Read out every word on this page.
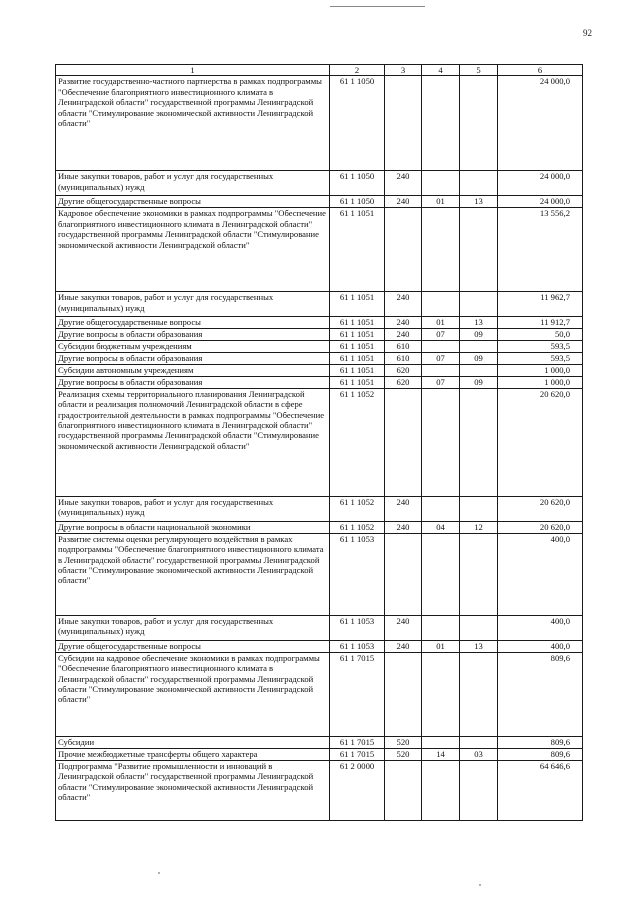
92
1	2	3	4	5	6
Развитие государственно-частного партнерства в рамках подпрограммы "Обеспечение благоприятного инвестиционного климата в Ленинградской области" государственной программы Ленинградской области "Стимулирование экономической активности Ленинградской области"	61 1 1050				24 000,0
Иные закупки товаров, работ и услуг для государственных (муниципальных) нужд	61 1 1050	240			24 000,0
Другие общегосударственные вопросы	61 1 1050	240	01	13	24 000,0
Кадровое обеспечение экономики в рамках подпрограммы "Обеспечение благоприятного инвестиционного климата в Ленинградской области" государственной программы Ленинградской области "Стимулирование экономической активности Ленинградской области"	61 1 1051				13 556,2
Иные закупки товаров, работ и услуг для государственных (муниципальных) нужд	61 1 1051	240			11 962,7
Другие общегосударственные вопросы	61 1 1051	240	01	13	11 912,7
Другие вопросы в области образования	61 1 1051	240	07	09	50,0
Субсидии бюджетным учреждениям	61 1 1051	610			593,5
Другие вопросы в области образования	61 1 1051	610	07	09	593,5
Субсидии автономным учреждениям	61 1 1051	620			1 000,0
Другие вопросы в области образования	61 1 1051	620	07	09	1 000,0
Реализация схемы территориального планирования Ленинградской области и реализация полномочий Ленинградской области в сфере градостроительной деятельности в рамках подпрограммы "Обеспечение благоприятного инвестиционного климата в Ленинградской области" государственной программы Ленинградской области "Стимулирование экономической активности Ленинградской области"	61 1 1052				20 620,0
Иные закупки товаров, работ и услуг для государственных (муниципальных) нужд	61 1 1052	240			20 620,0
Другие вопросы в области национальной экономики	61 1 1052	240	04	12	20 620,0
Развитие системы оценки регулирующего воздействия в рамках подпрограммы "Обеспечение благоприятного инвестиционного климата в Ленинградской области" государственной программы Ленинградской области "Стимулирование экономической активности Ленинградской области"	61 1 1053				400,0
Иные закупки товаров, работ и услуг для государственных (муниципальных) нужд	61 1 1053	240			400,0
Другие общегосударственные вопросы	61 1 1053	240	01	13	400,0
Субсидии на кадровое обеспечение экономики в рамках подпрограммы "Обеспечение благоприятного инвестиционного климата в Ленинградской области" государственной программы Ленинградской области "Стимулирование экономической активности Ленинградской области"	61 1 7015				809,6
Субсидии	61 1 7015	520			809,6
Прочие межбюджетные трансферты общего характера	61 1 7015	520	14	03	809,6
Подпрограмма "Развитие промышленности и инноваций в Ленинградской области" государственной программы Ленинградской области "Стимулирование экономической активности Ленинградской области"	61 2 0000				64 646,6
